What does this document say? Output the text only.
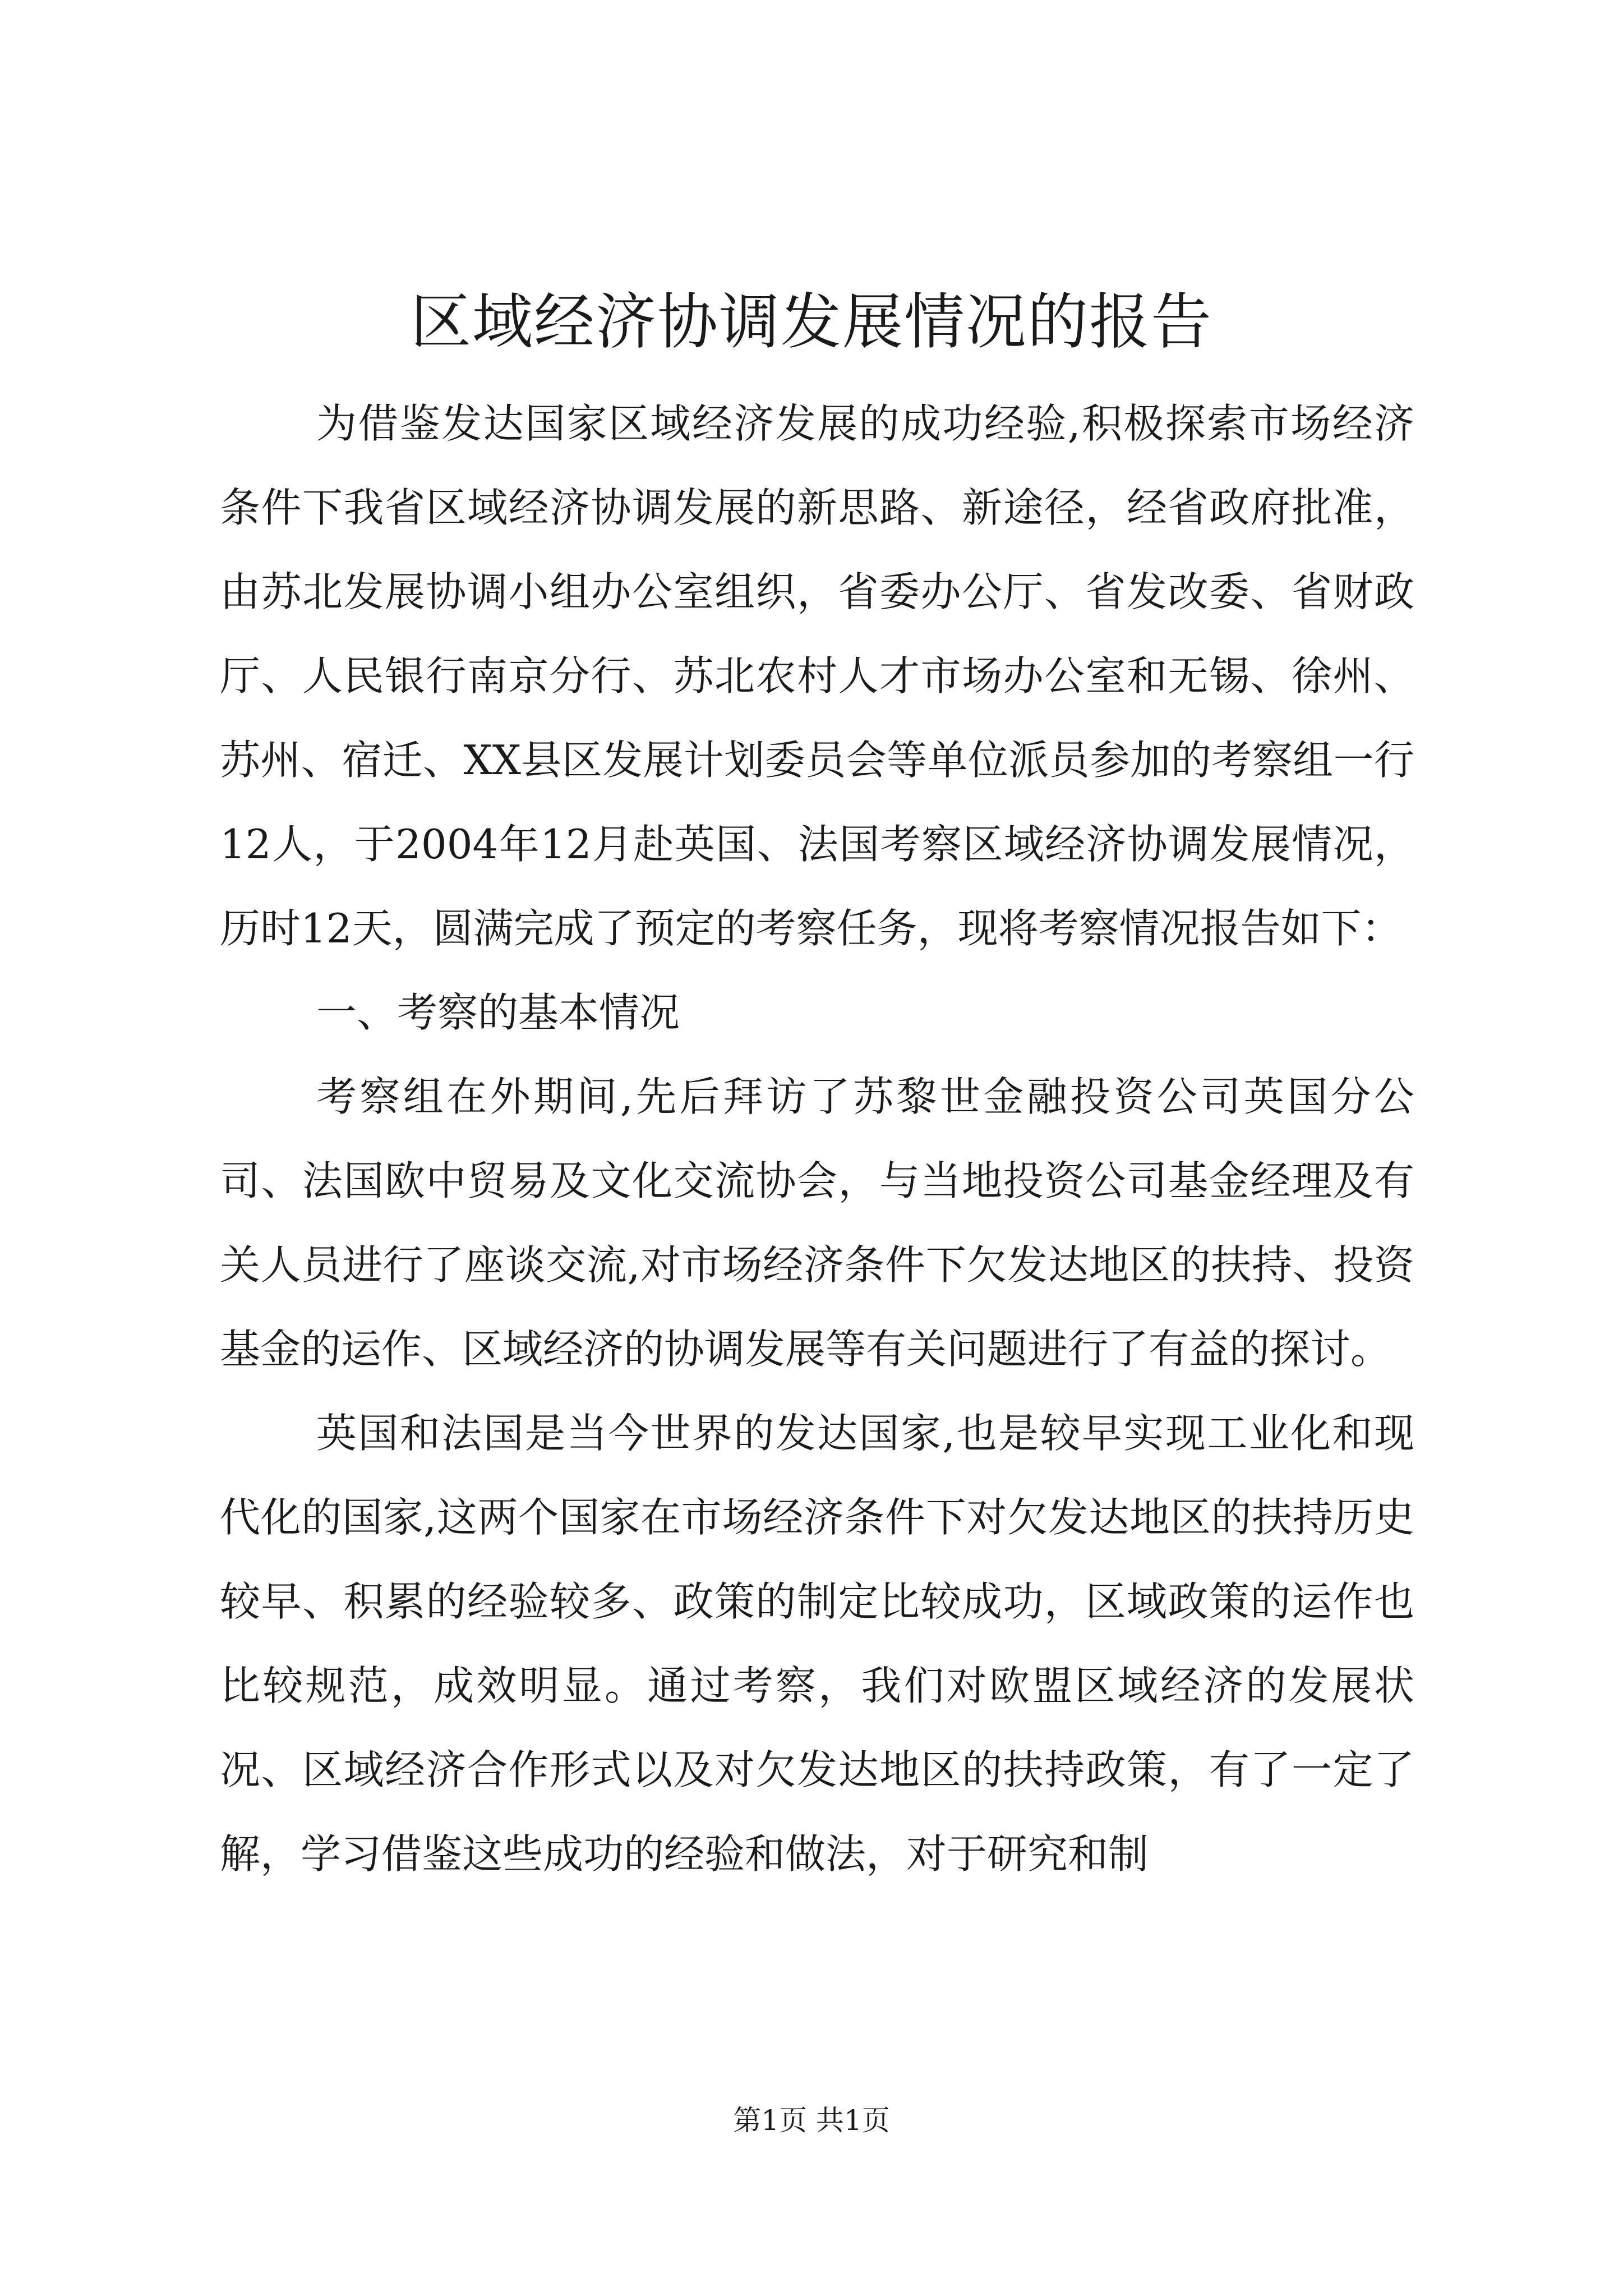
区域经济协调发展情况的报告

为借鉴发达国家区域经济发展的成功经验,积极探索市场经济条件下我省区域经济协调发展的新思路、新途径，经省政府批准，由苏北发展协调小组办公室组织，省委办公厅、省发改委、省财政厅、人民银行南京分行、苏北农村人才市场办公室和无锡、徐州、苏州、宿迁、XX县区发展计划委员会等单位派员参加的考察组一行12人，于2004年12月赴英国、法国考察区域经济协调发展情况，历时12天，圆满完成了预定的考察任务，现将考察情况报告如下：

一、考察的基本情况

考察组在外期间,先后拜访了苏黎世金融投资公司英国分公司、法国欧中贸易及文化交流协会，与当地投资公司基金经理及有关人员进行了座谈交流,对市场经济条件下欠发达地区的扶持、投资基金的运作、区域经济的协调发展等有关问题进行了有益的探讨。

英国和法国是当今世界的发达国家,也是较早实现工业化和现代化的国家,这两个国家在市场经济条件下对欠发达地区的扶持历史较早、积累的经验较多、政策的制定比较成功，区域政策的运作也比较规范，成效明显。通过考察，我们对欧盟区域经济的发展状况、区域经济合作形式以及对欠发达地区的扶持政策，有了一定了解，学习借鉴这些成功的经验和做法，对于研究和制

第1页 共1页
